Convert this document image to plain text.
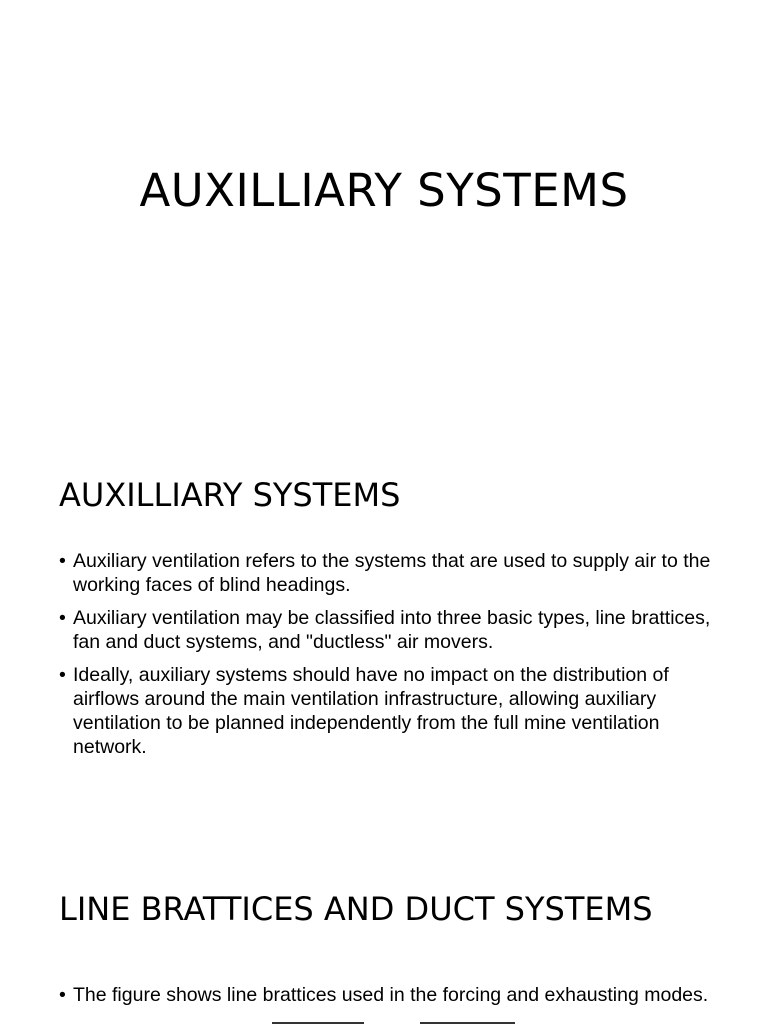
AUXILLIARY SYSTEMS
AUXILLIARY SYSTEMS
• Auxiliary ventilation refers to the systems that are used to supply air to the working faces of blind headings.
• Auxiliary ventilation may be classified into three basic types, line brattices, fan and duct systems, and "ductless" air movers.
• Ideally, auxiliary systems should have no impact on the distribution of airflows around the main ventilation infrastructure, allowing auxiliary ventilation to be planned independently from the full mine ventilation network.
LINE BRATTICES AND DUCT SYSTEMS
• The figure shows line brattices used in the forcing and exhausting modes.
